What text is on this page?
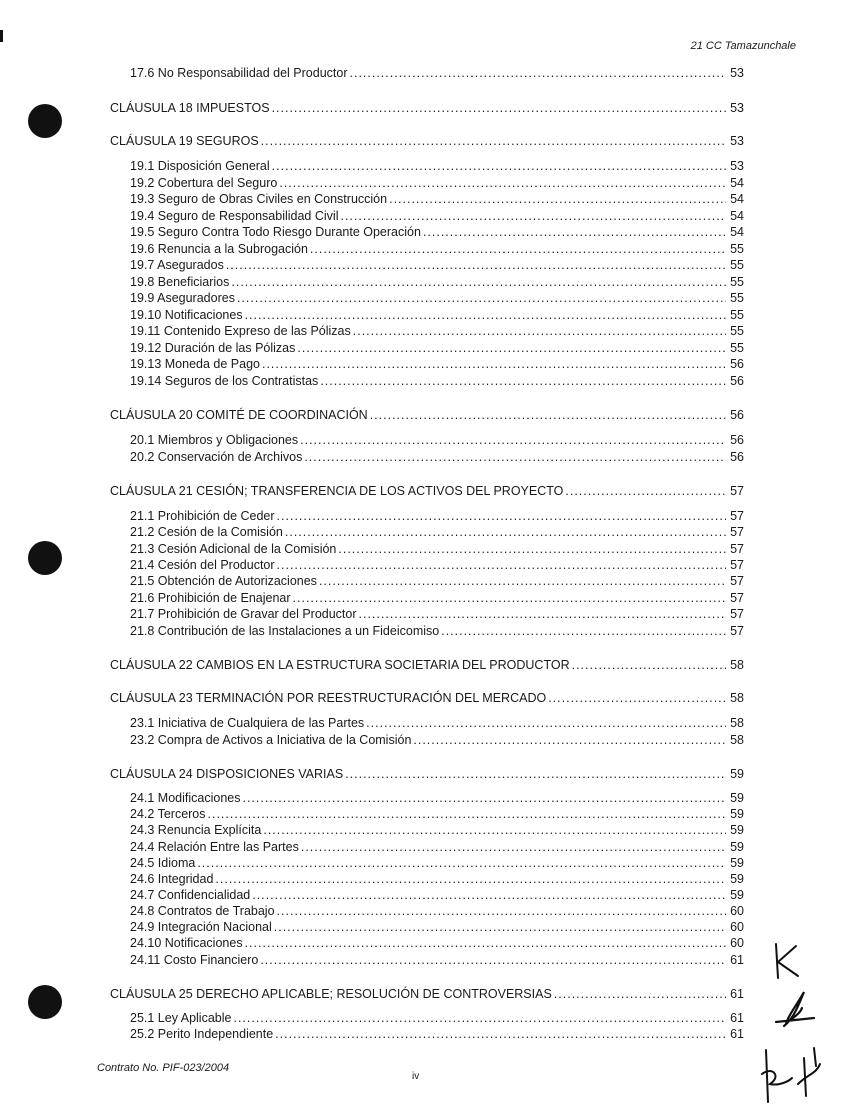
21 CC Tamazunchale
17.6 No Responsabilidad del Productor .....	53
CLÁUSULA 18 IMPUESTOS .....	53
CLÁUSULA 19 SEGUROS .....	53
19.1 Disposición General .....	53
19.2 Cobertura del Seguro .....	54
19.3 Seguro de Obras Civiles en Construcción .....	54
19.4 Seguro de Responsabilidad Civil .....	54
19.5 Seguro Contra Todo Riesgo Durante Operación .....	54
19.6 Renuncia a la Subrogación .....	55
19.7 Asegurados .....	55
19.8 Beneficiarios .....	55
19.9 Aseguradores .....	55
19.10 Notificaciones .....	55
19.11 Contenido Expreso de las Pólizas .....	55
19.12 Duración de las Pólizas .....	55
19.13 Moneda de Pago .....	56
19.14 Seguros de los Contratistas .....	56
CLÁUSULA 20 COMITÉ DE COORDINACIÓN .....	56
20.1 Miembros y Obligaciones .....	56
20.2 Conservación de Archivos .....	56
CLÁUSULA 21 CESIÓN; TRANSFERENCIA DE LOS ACTIVOS DEL PROYECTO .....	57
21.1 Prohibición de Ceder .....	57
21.2 Cesión de la Comisión .....	57
21.3 Cesión Adicional de la Comisión .....	57
21.4 Cesión del Productor .....	57
21.5 Obtención de Autorizaciones .....	57
21.6 Prohibición de Enajenar .....	57
21.7 Prohibición de Gravar del Productor .....	57
21.8 Contribución de las Instalaciones a un Fideicomiso .....	57
CLÁUSULA 22 CAMBIOS EN LA ESTRUCTURA SOCIETARIA DEL PRODUCTOR .....	58
CLÁUSULA 23 TERMINACIÓN POR REESTRUCTURACIÓN DEL MERCADO .....	58
23.1 Iniciativa de Cualquiera de las Partes .....	58
23.2 Compra de Activos a Iniciativa de la Comisión .....	58
CLÁUSULA 24 DISPOSICIONES VARIAS .....	59
24.1 Modificaciones .....	59
24.2 Terceros .....	59
24.3 Renuncia Explícita .....	59
24.4 Relación Entre las Partes .....	59
24.5 Idioma .....	59
24.6 Integridad .....	59
24.7 Confidencialidad .....	59
24.8 Contratos de Trabajo .....	60
24.9 Integración Nacional .....	60
24.10 Notificaciones .....	60
24.11 Costo Financiero .....	61
CLÁUSULA 25 DERECHO APLICABLE; RESOLUCIÓN DE CONTROVERSIAS .....	61
25.1 Ley Aplicable .....	61
25.2 Perito Independiente .....	61
Contrato No. PIF-023/2004
iv
